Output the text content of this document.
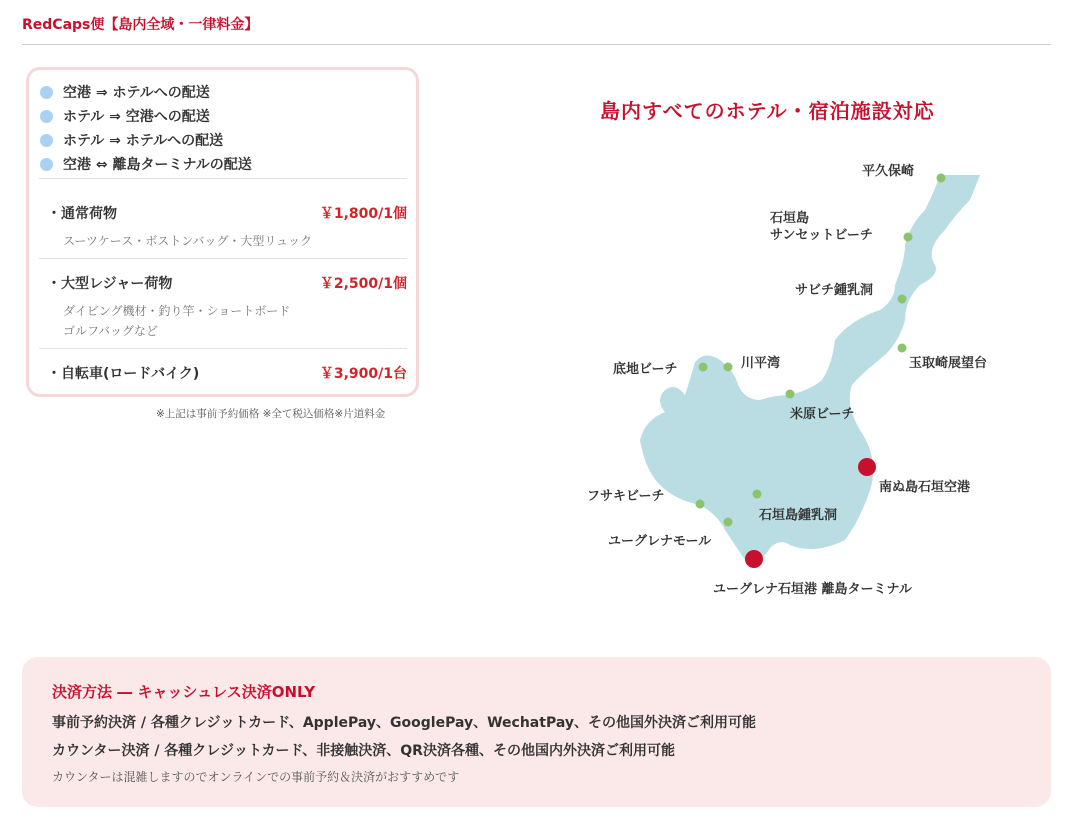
RedCaps便【島内全域・一律料金】
空港 ⇒ ホテルへの配送
ホテル ⇒ 空港への配送
ホテル ⇒ ホテルへの配送
空港 ⇔ 離島ターミナルの配送
・通常荷物	￥1,800/1個
スーツケース・ボストンバッグ・大型リュック
・大型レジャー荷物	￥2,500/1個
ダイビング機材・釣り竿・ショートボード
ゴルフバッグなど
・自転車(ロードバイク)	￥3,900/1台
※上記は事前予約価格 ※全て税込価格※片道料金
島内すべてのホテル・宿泊施設対応
平久保崎
石垣島
サンセットビーチ
サビチ鍾乳洞
玉取崎展望台
底地ビーチ	川平湾
米原ビーチ
南ぬ島石垣空港
フサキビーチ
石垣島鍾乳洞
ユーグレナモール
ユーグレナ石垣港 離島ターミナル
決済方法 ― キャッシュレス決済ONLY
事前予約決済 / 各種クレジットカード、ApplePay、GooglePay、WechatPay、その他国外決済ご利用可能
カウンター決済 / 各種クレジットカード、非接触決済、QR決済各種、その他国内外決済ご利用可能
カウンターは混雑しますのでオンラインでの事前予約＆決済がおすすめです
